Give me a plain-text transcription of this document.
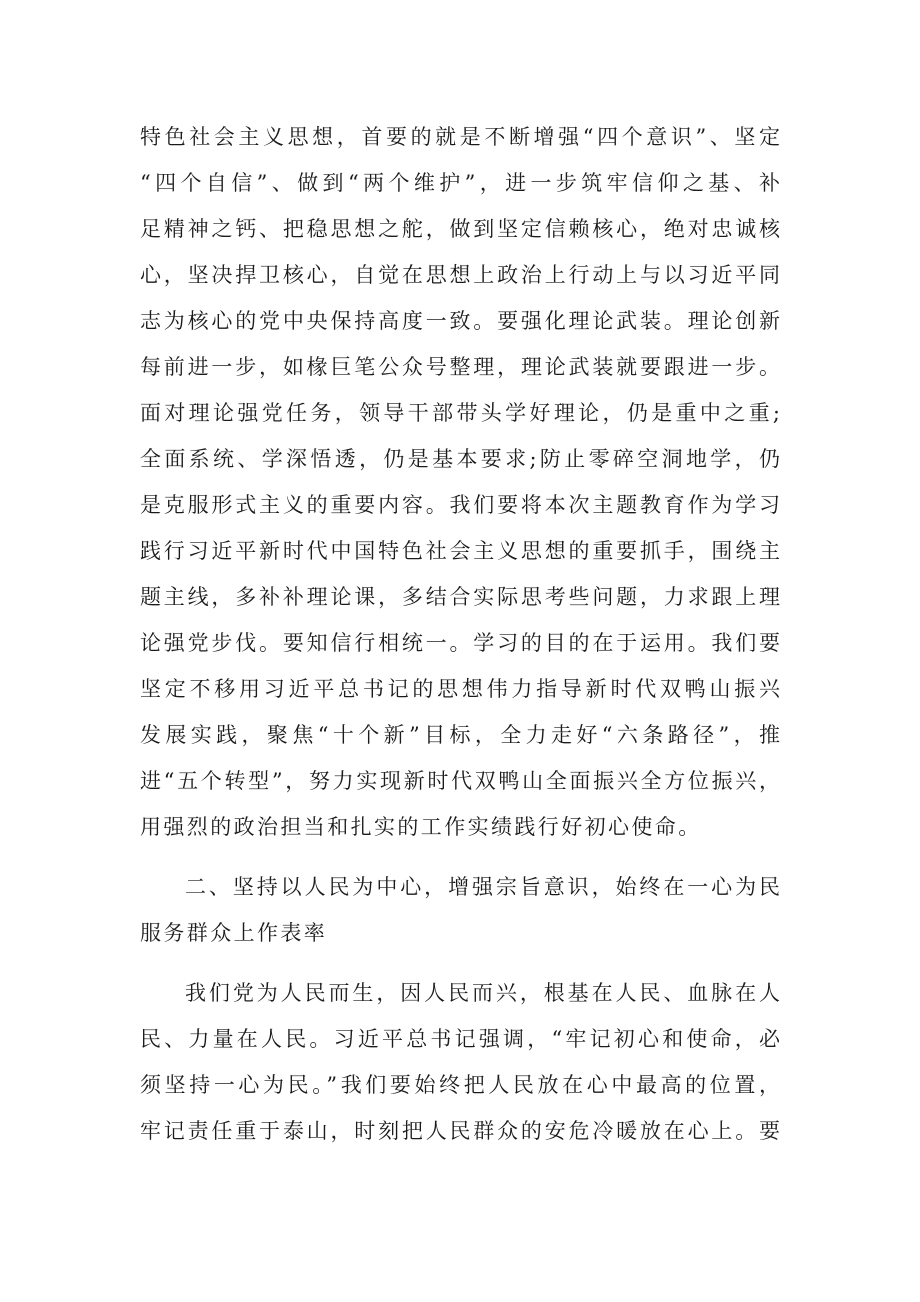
特色社会主义思想，首要的就是不断增强“四个意识”、坚定
“四个自信”、做到“两个维护”，进一步筑牢信仰之基、补
足精神之钙、把稳思想之舵，做到坚定信赖核心，绝对忠诚核
心，坚决捍卫核心，自觉在思想上政治上行动上与以习近平同
志为核心的党中央保持高度一致。要强化理论武装。理论创新
每前进一步，如椽巨笔公众号整理，理论武装就要跟进一步。
面对理论强党任务，领导干部带头学好理论，仍是重中之重;
全面系统、学深悟透，仍是基本要求;防止零碎空洞地学，仍
是克服形式主义的重要内容。我们要将本次主题教育作为学习
践行习近平新时代中国特色社会主义思想的重要抓手，围绕主
题主线，多补补理论课，多结合实际思考些问题，力求跟上理
论强党步伐。要知信行相统一。学习的目的在于运用。我们要
坚定不移用习近平总书记的思想伟力指导新时代双鸭山振兴
发展实践，聚焦“十个新”目标，全力走好“六条路径”，推
进“五个转型”，努力实现新时代双鸭山全面振兴全方位振兴，
用强烈的政治担当和扎实的工作实绩践行好初心使命。
二、坚持以人民为中心，增强宗旨意识，始终在一心为民
服务群众上作表率
我们党为人民而生，因人民而兴，根基在人民、血脉在人
民、力量在人民。习近平总书记强调，“牢记初心和使命，必
须坚持一心为民。”我们要始终把人民放在心中最高的位置，
牢记责任重于泰山，时刻把人民群众的安危冷暖放在心上。要
